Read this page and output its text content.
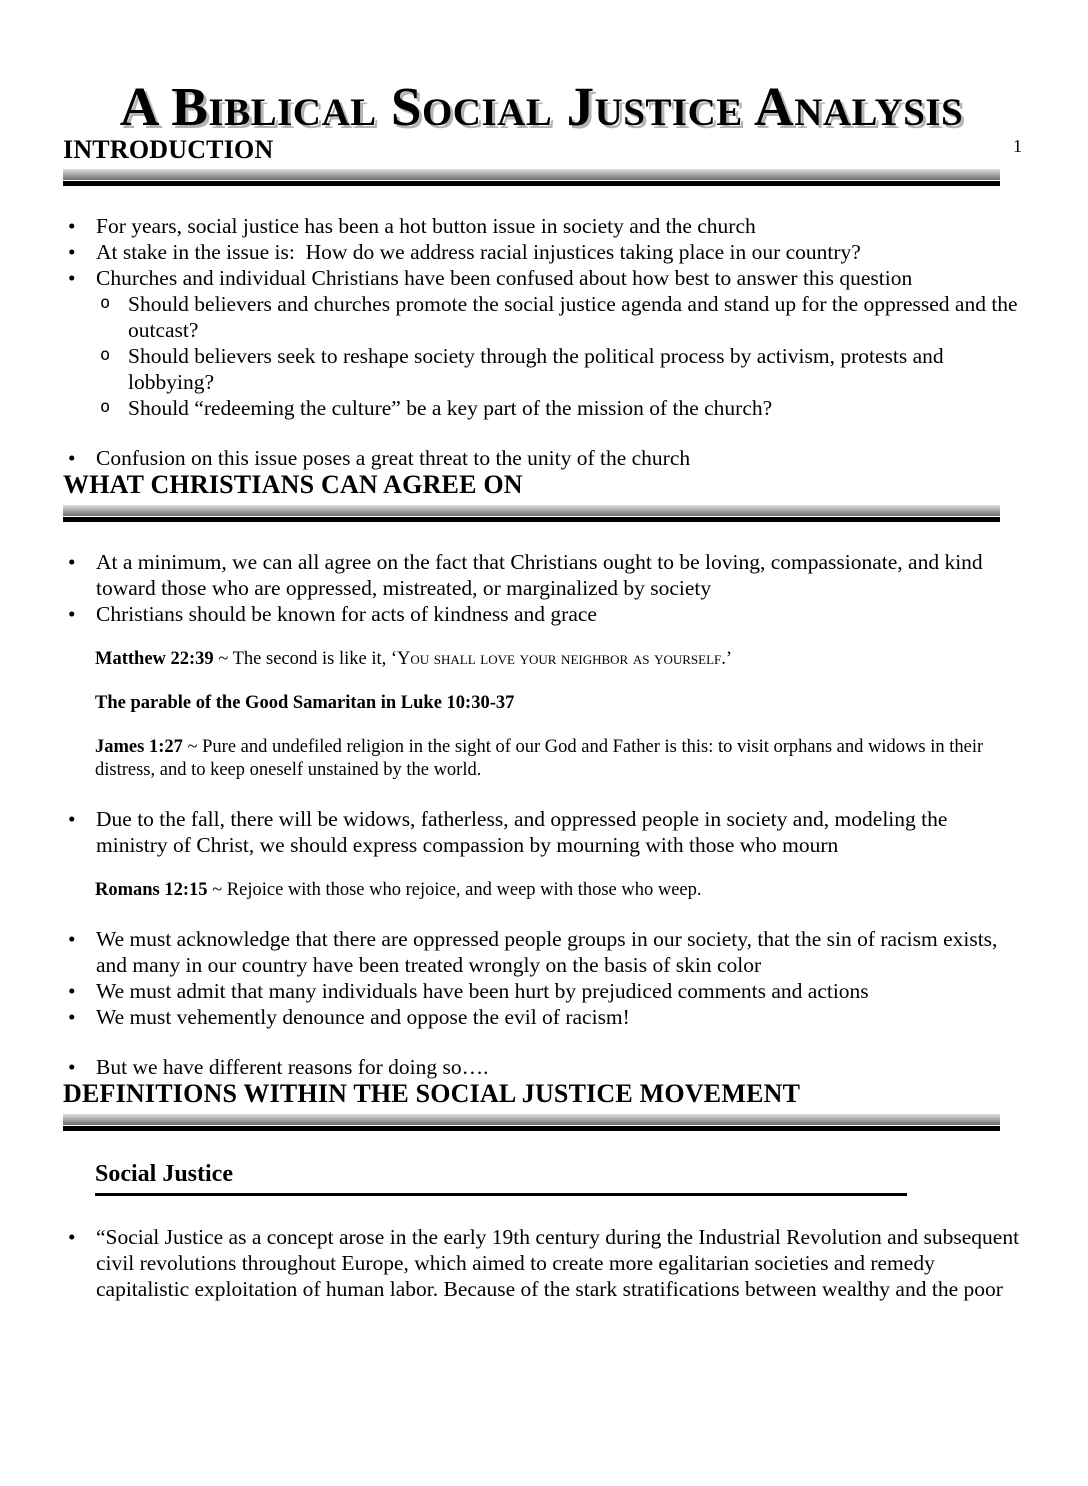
1
A Biblical Social Justice Analysis
INTRODUCTION
• For years, social justice has been a hot button issue in society and the church
• At stake in the issue is:  How do we address racial injustices taking place in our country?
• Churches and individual Christians have been confused about how best to answer this question
o Should believers and churches promote the social justice agenda and stand up for the oppressed and the outcast?
o Should believers seek to reshape society through the political process by activism, protests and lobbying?
o Should “redeeming the culture” be a key part of the mission of the church?
• Confusion on this issue poses a great threat to the unity of the church
WHAT CHRISTIANS CAN AGREE ON
• At a minimum, we can all agree on the fact that Christians ought to be loving, compassionate, and kind toward those who are oppressed, mistreated, or marginalized by society
• Christians should be known for acts of kindness and grace

Matthew 22:39 ~ The second is like it, ‘You shall love your neighbor as yourself.’

The parable of the Good Samaritan in Luke 10:30-37

James 1:27 ~ Pure and undefiled religion in the sight of our God and Father is this: to visit orphans and widows in their distress, and to keep oneself unstained by the world.

• Due to the fall, there will be widows, fatherless, and oppressed people in society and, modeling the ministry of Christ, we should express compassion by mourning with those who mourn

Romans 12:15 ~ Rejoice with those who rejoice, and weep with those who weep.

• We must acknowledge that there are oppressed people groups in our society, that the sin of racism exists, and many in our country have been treated wrongly on the basis of skin color
• We must admit that many individuals have been hurt by prejudiced comments and actions
• We must vehemently denounce and oppose the evil of racism!
• But we have different reasons for doing so….
DEFINITIONS WITHIN THE SOCIAL JUSTICE MOVEMENT
Social Justice
• “Social Justice as a concept arose in the early 19th century during the Industrial Revolution and subsequent civil revolutions throughout Europe, which aimed to create more egalitarian societies and remedy capitalistic exploitation of human labor. Because of the stark stratifications between wealthy and the poor
